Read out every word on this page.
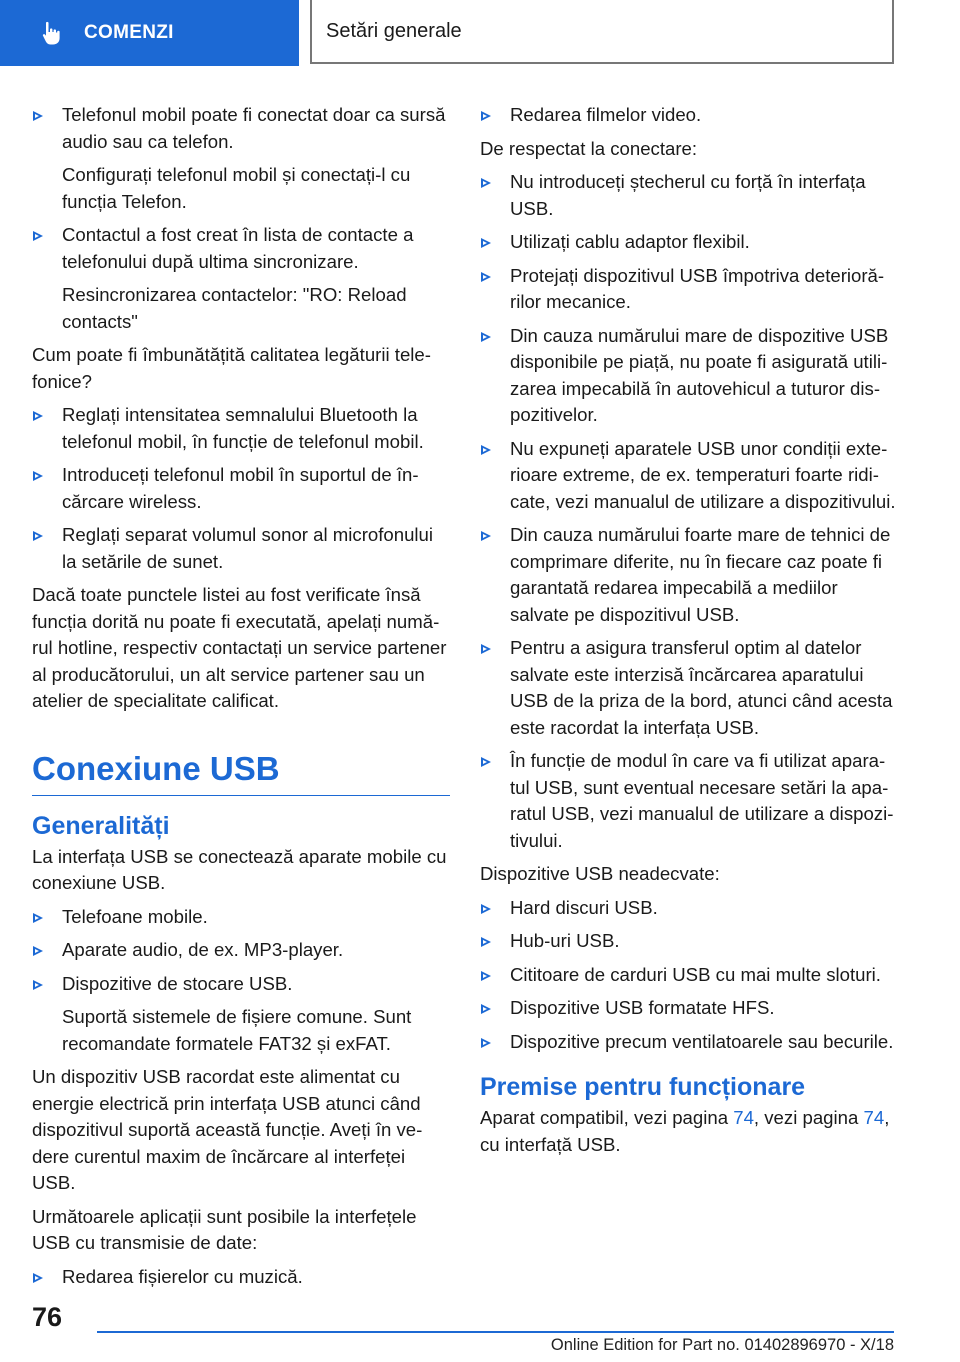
COMENZI	Setări generale
Telefonul mobil poate fi conectat doar ca sursă audio sau ca telefon.
Configurați telefonul mobil și conectați-l cu funcția Telefon.
Contactul a fost creat în lista de contacte a telefonului după ultima sincronizare.
Resincronizarea contactelor: "RO: Reload contacts"
Cum poate fi îmbunătățită calitatea legăturii telefonice?
Reglați intensitatea semnalului Bluetooth la telefonul mobil, în funcție de telefonul mobil.
Introduceți telefonul mobil în suportul de încărcare wireless.
Reglați separat volumul sonor al microfonului la setările de sunet.
Dacă toate punctele listei au fost verificate însă funcția dorită nu poate fi executată, apelați numărul hotline, respectiv contactați un service partener al producătorului, un alt service partener sau un atelier de specialitate calificat.
Conexiune USB
Generalități
La interfața USB se conectează aparate mobile cu conexiune USB.
Telefoane mobile.
Aparate audio, de ex. MP3-player.
Dispozitive de stocare USB.
Suportă sistemele de fișiere comune. Sunt recomandate formatele FAT32 și exFAT.
Un dispozitiv USB racordat este alimentat cu energie electrică prin interfața USB atunci când dispozitivul suportă această funcție. Aveți în vedere curentul maxim de încărcare al interfeței USB.
Următoarele aplicații sunt posibile la interfețele USB cu transmisie de date:
Redarea fișierelor cu muzică.
Redarea filmelor video.
De respectat la conectare:
Nu introduceți ștecherul cu forță în interfața USB.
Utilizați cablu adaptor flexibil.
Protejați dispozitivul USB împotriva deteriorărilor mecanice.
Din cauza numărului mare de dispozitive USB disponibile pe piață, nu poate fi asigurată utilizarea impecabilă în autovehicul a tuturor dispozitivelor.
Nu expuneți aparatele USB unor condiții exterioare extreme, de ex. temperaturi foarte ridicate, vezi manualul de utilizare a dispozitivului.
Din cauza numărului foarte mare de tehnici de comprimare diferite, nu în fiecare caz poate fi garantată redarea impecabilă a mediilor salvate pe dispozitivul USB.
Pentru a asigura transferul optim al datelor salvate este interzisă încărcarea aparatului USB de la priza de la bord, atunci când acesta este racordat la interfața USB.
În funcție de modul în care va fi utilizat aparatul USB, sunt eventual necesare setări la aparatul USB, vezi manualul de utilizare a dispozitivului.
Dispozitive USB neadecvate:
Hard discuri USB.
Hub-uri USB.
Cititoare de carduri USB cu mai multe sloturi.
Dispozitive USB formatate HFS.
Dispozitive precum ventilatoarele sau becurile.
Premise pentru funcționare
Aparat compatibil, vezi pagina 74, vezi pagina 74, cu interfață USB.
76
Online Edition for Part no. 01402896970 - X/18
